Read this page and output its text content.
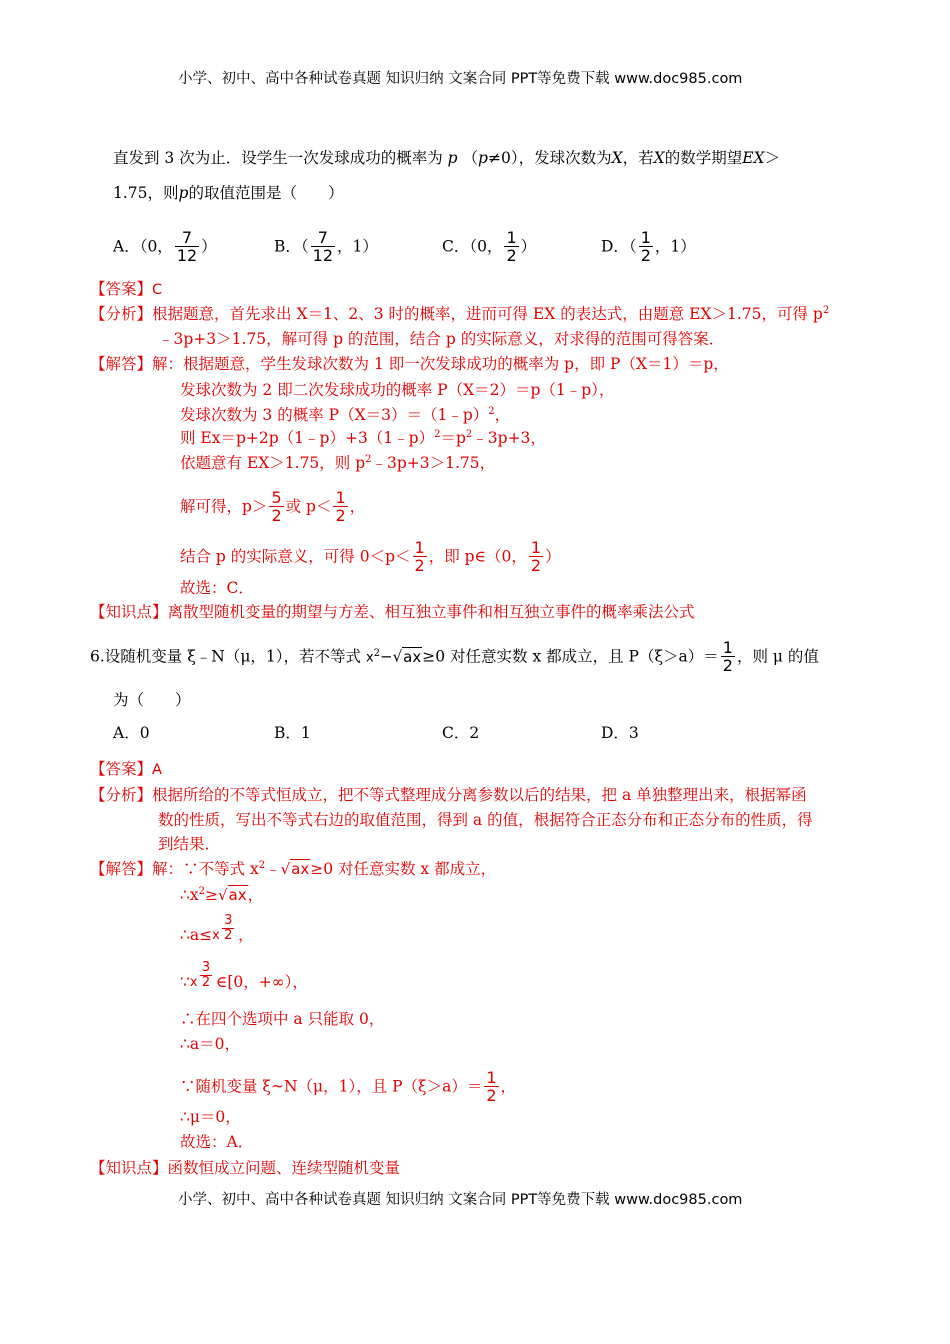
小学、初中、高中各种试卷真题 知识归纳 文案合同 PPT等免费下载 www.doc985.com
直发到 3 次为止．设学生一次发球成功的概率为 p （p≠0），发球次数为X，若X的数学期望EX＞
1.75，则p的取值范围是（　　）
A．（0， $\frac{7}{12}$ ）	B．（ $\frac{7}{12}$ ，1）	C．（0， $\frac{1}{2}$ ）	D．（ $\frac{1}{2}$ ，1）
【答案】C
【分析】根据题意，首先求出 X＝1、2、3 时的概率，进而可得 EX 的表达式，由题意 EX＞1.75，可得 $p^2$
﹣3p+3＞1.75，解可得 p 的范围，结合 p 的实际意义，对求得的范围可得答案．
【解答】解：根据题意，学生发球次数为 1 即一次发球成功的概率为 p，即 P（X＝1）＝p，
发球次数为 2 即二次发球成功的概率 P（X＝2）＝p（1﹣p），
发球次数为 3 的概率 P（X＝3）＝（1﹣p）$^2$，
则 $Ex=p+2p(1﹣p)+3(1﹣p)^2=p^2﹣3p+3$，
依题意有 EX＞1.75，则 $p^2﹣3p+3>1.75$，
解可得，$p> \frac{5}{2}$ 或 $p< \frac{1}{2}$ ，
结合 p 的实际意义，可得 $0<p< \frac{1}{2}$ ，即 p∈（0， $\frac{1}{2}$ ）
故选：C．
【知识点】离散型随机变量的期望与方差、相互独立事件和相互独立事件的概率乘法公式
6.设随机变量 ξ﹣N（μ，1），若不等式 $x^2-√ax\ge 0$ 对任意实数 x 都成立，且 $P(\xi>a)= \frac{1}{2}$ ，则 μ 的值
为（　　）
A．0	B．1	C．2	D．3
【答案】A
【分析】根据所给的不等式恒成立，把不等式整理成分离参数以后的结果，把 a 单独整理出来，根据幂函
数的性质，写出不等式右边的取值范围，得到 a 的值，根据符合正态分布和正态分布的性质，得
到结果．
【解答】解：∵不等式 $x^2﹣√ax\ge 0$ 对任意实数 x 都成立，
$\therefore x^2\ge√ax$，
∴a≤ x $\frac{3}{2}$ ，
∵ x $\frac{3}{2}$ ∈[0，+∞），
∴在四个选项中 a 只能取 0，
∴a＝0，
∵随机变量 ξ~N（μ，1），且 $P(\xi>a)= \frac{1}{2}$ ，
∴μ＝0，
故选：A．
【知识点】函数恒成立问题、连续型随机变量
小学、初中、高中各种试卷真题 知识归纳 文案合同 PPT等免费下载 www.doc985.com
